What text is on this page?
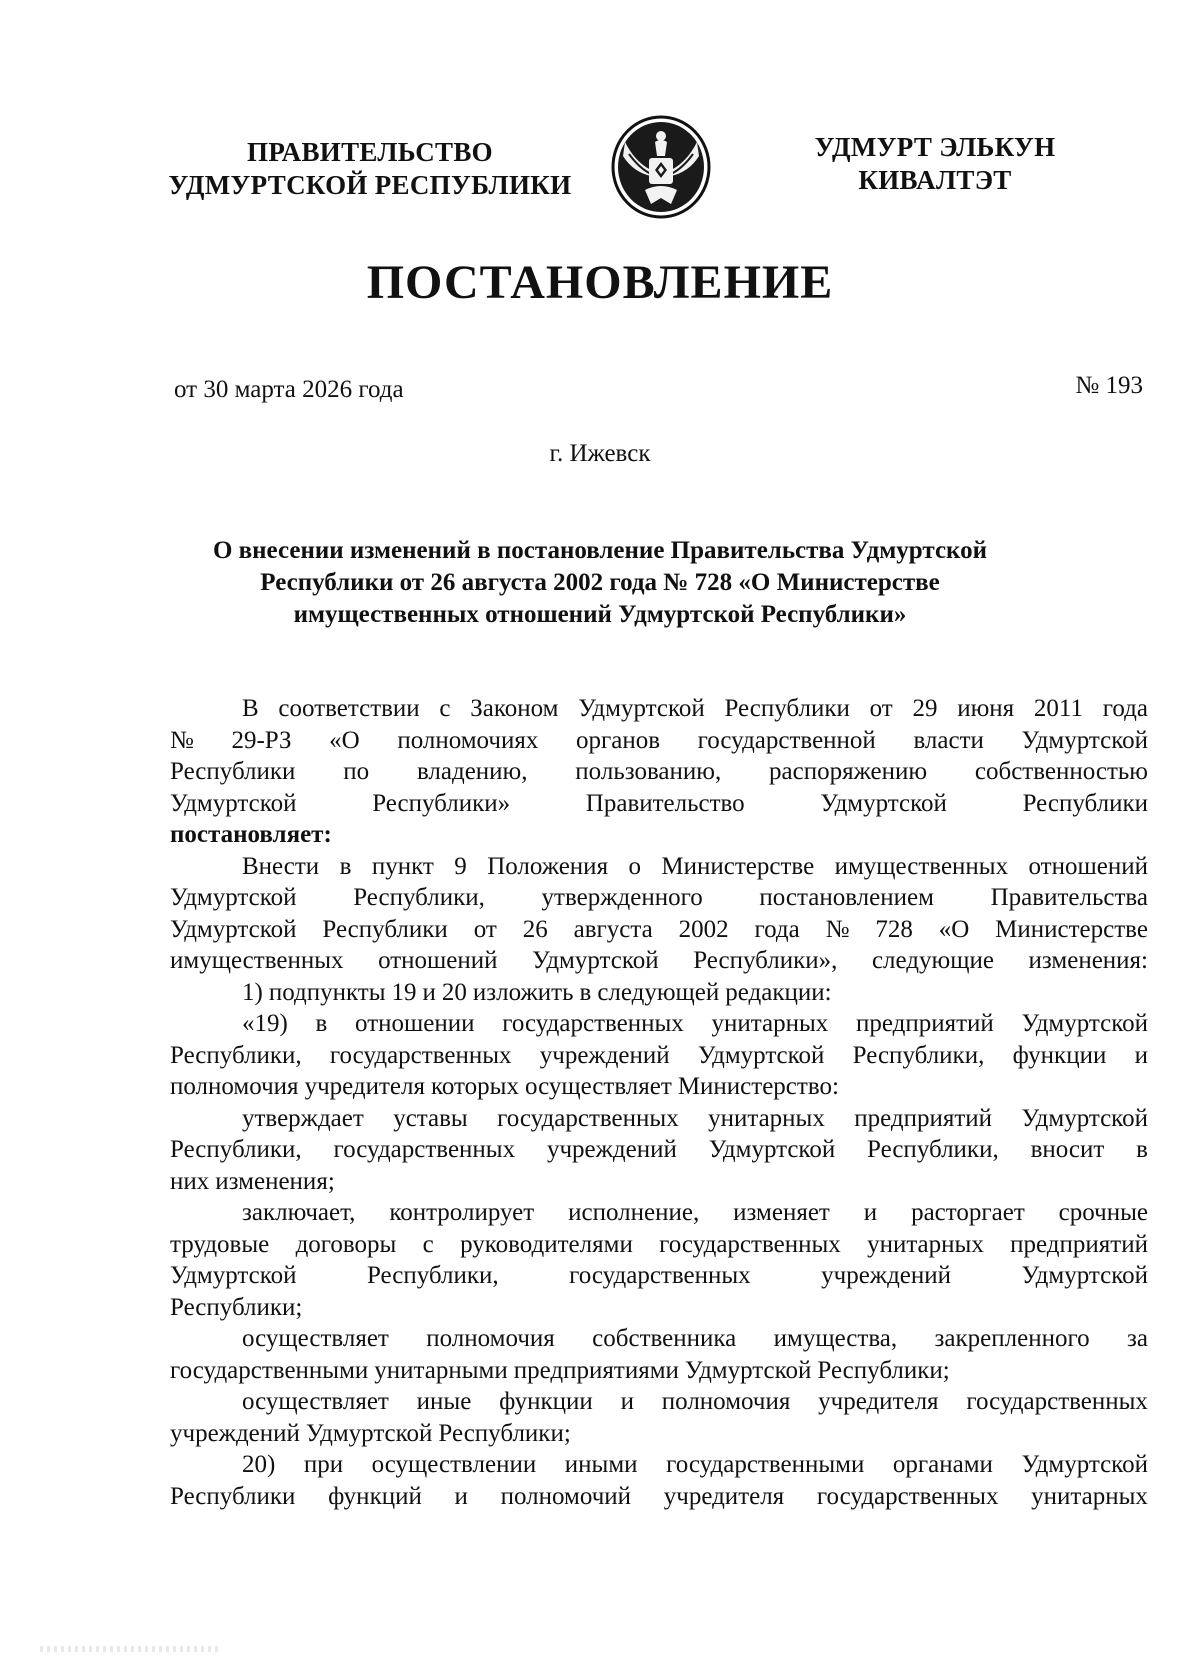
ПРАВИТЕЛЬСТВО
УДМУРТСКОЙ РЕСПУБЛИКИ
УДМУРТ ЭЛЬКУН
КИВАЛТЭТ
ПОСТАНОВЛЕНИЕ
от 30 марта 2026 года	№ 193
г. Ижевск
О внесении изменений в постановление Правительства Удмуртской
Республики от 26 августа 2002 года № 728 «О Министерстве
имущественных отношений Удмуртской Республики»
В соответствии с Законом Удмуртской Республики от 29 июня 2011 года
№ 29-РЗ «О полномочиях органов государственной власти Удмуртской
Республики по владению, пользованию, распоряжению собственностью
Удмуртской	Республики»	Правительство	Удмуртской	Республики
постановляет:
Внести в пункт 9 Положения о Министерстве имущественных отношений
Удмуртской Республики, утвержденного постановлением Правительства
Удмуртской Республики от 26 августа 2002 года № 728 «О Министерстве
имущественных отношений Удмуртской Республики», следующие изменения:
1) подпункты 19 и 20 изложить в следующей редакции:
«19) в отношении государственных унитарных предприятий Удмуртской
Республики, государственных учреждений Удмуртской Республики, функции и
полномочия учредителя которых осуществляет Министерство:
утверждает уставы государственных унитарных предприятий Удмуртской
Республики, государственных учреждений Удмуртской Республики, вносит в
них изменения;
заключает, контролирует исполнение, изменяет и расторгает срочные
трудовые договоры с руководителями государственных унитарных предприятий
Удмуртской	Республики,	государственных	учреждений	Удмуртской
Республики;
осуществляет полномочия собственника имущества, закрепленного за
государственными унитарными предприятиями Удмуртской Республики;
осуществляет иные функции и полномочия учредителя государственных
учреждений Удмуртской Республики;
20) при осуществлении иными государственными органами Удмуртской
Республики функций и полномочий учредителя государственных унитарных
